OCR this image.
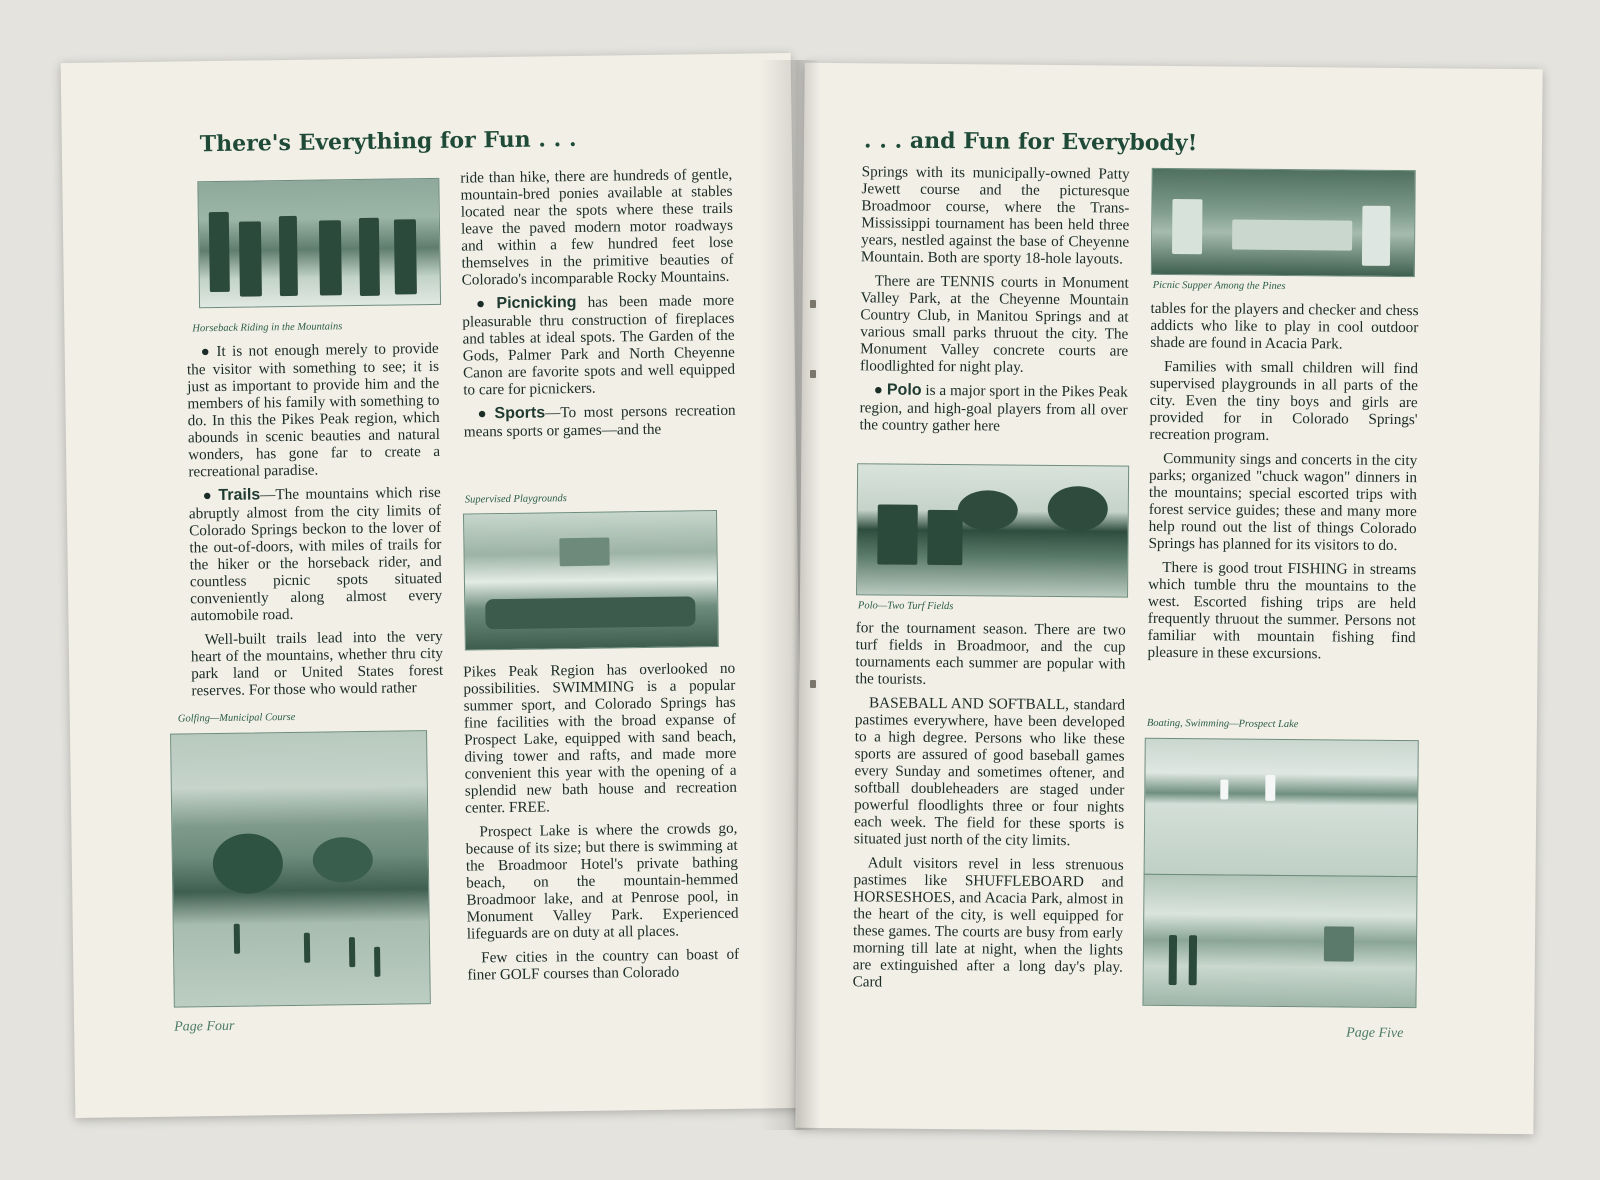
There's Everything for Fun . . .
Horseback Riding in the Mountains

● It is not enough merely to provide the visitor with something to see; it is just as important to provide him and the members of his family with something to do. In this the Pikes Peak region, which abounds in scenic beauties and natural wonders, has gone far to create a recreational paradise.

● Trails—The mountains which rise abruptly almost from the city limits of Colorado Springs beckon to the lover of the out-of-doors, with miles of trails for the hiker or the horseback rider, and countless picnic spots situated conveniently along almost every automobile road.

Well-built trails lead into the very heart of the mountains, whether thru city park land or United States forest reserves. For those who would rather

Golfing—Municipal Course
Page Four

ride than hike, there are hundreds of gentle, mountain-bred ponies available at stables located near the spots where these trails leave the paved modern motor roadways and within a few hundred feet lose themselves in the primitive beauties of Colorado's incomparable Rocky Mountains.

● Picnicking has been made more pleasurable thru construction of fireplaces and tables at ideal spots. The Garden of the Gods, Palmer Park and North Cheyenne Canon are favorite spots and well equipped to care for picnickers.

● Sports—To most persons recreation means sports or games—and the

Supervised Playgrounds

Pikes Peak Region has overlooked no possibilities. SWIMMING is a popular summer sport, and Colorado Springs has fine facilities with the broad expanse of Prospect Lake, equipped with sand beach, diving tower and rafts, and made more convenient this year with the opening of a splendid new bath house and recreation center. FREE.

Prospect Lake is where the crowds go, because of its size; but there is swimming at the Broadmoor Hotel's private bathing beach, on the mountain-hemmed Broadmoor lake, and at Penrose pool, in Monument Valley Park. Experienced lifeguards are on duty at all places.

Few cities in the country can boast of finer GOLF courses than Colorado

. . . and Fun for Everybody!

Springs with its municipally-owned Patty Jewett course and the picturesque Broadmoor course, where the Trans-Mississippi tournament has been held three years, nestled against the base of Cheyenne Mountain. Both are sporty 18-hole layouts.

There are TENNIS courts in Monument Valley Park, at the Cheyenne Mountain Country Club, in Manitou Springs and at various small parks thruout the city. The Monument Valley concrete courts are floodlighted for night play.

● Polo is a major sport in the Pikes Peak region, and high-goal players from all over the country gather here

Polo—Two Turf Fields

for the tournament season. There are two turf fields in Broadmoor, and the cup tournaments each summer are popular with the tourists.

BASEBALL AND SOFTBALL, standard pastimes everywhere, have been developed to a high degree. Persons who like these sports are assured of good baseball games every Sunday and sometimes oftener, and softball doubleheaders are staged under powerful floodlights three or four nights each week. The field for these sports is situated just north of the city limits.

Adult visitors revel in less strenuous pastimes like SHUFFLEBOARD and HORSESHOES, and Acacia Park, almost in the heart of the city, is well equipped for these games. The courts are busy from early morning till late at night, when the lights are extinguished after a long day's play. Card

Picnic Supper Among the Pines

tables for the players and checker and chess addicts who like to play in cool outdoor shade are found in Acacia Park.

Families with small children will find supervised playgrounds in all parts of the city. Even the tiny boys and girls are provided for in Colorado Springs' recreation program.

Community sings and concerts in the city parks; organized "chuck wagon" dinners in the mountains; special escorted trips with forest service guides; these and many more help round out the list of things Colorado Springs has planned for its visitors to do.

There is good trout FISHING in streams which tumble thru the mountains to the west. Escorted fishing trips are held frequently thruout the summer. Persons not familiar with mountain fishing find pleasure in these excursions.

Boating, Swimming—Prospect Lake
Page Five
